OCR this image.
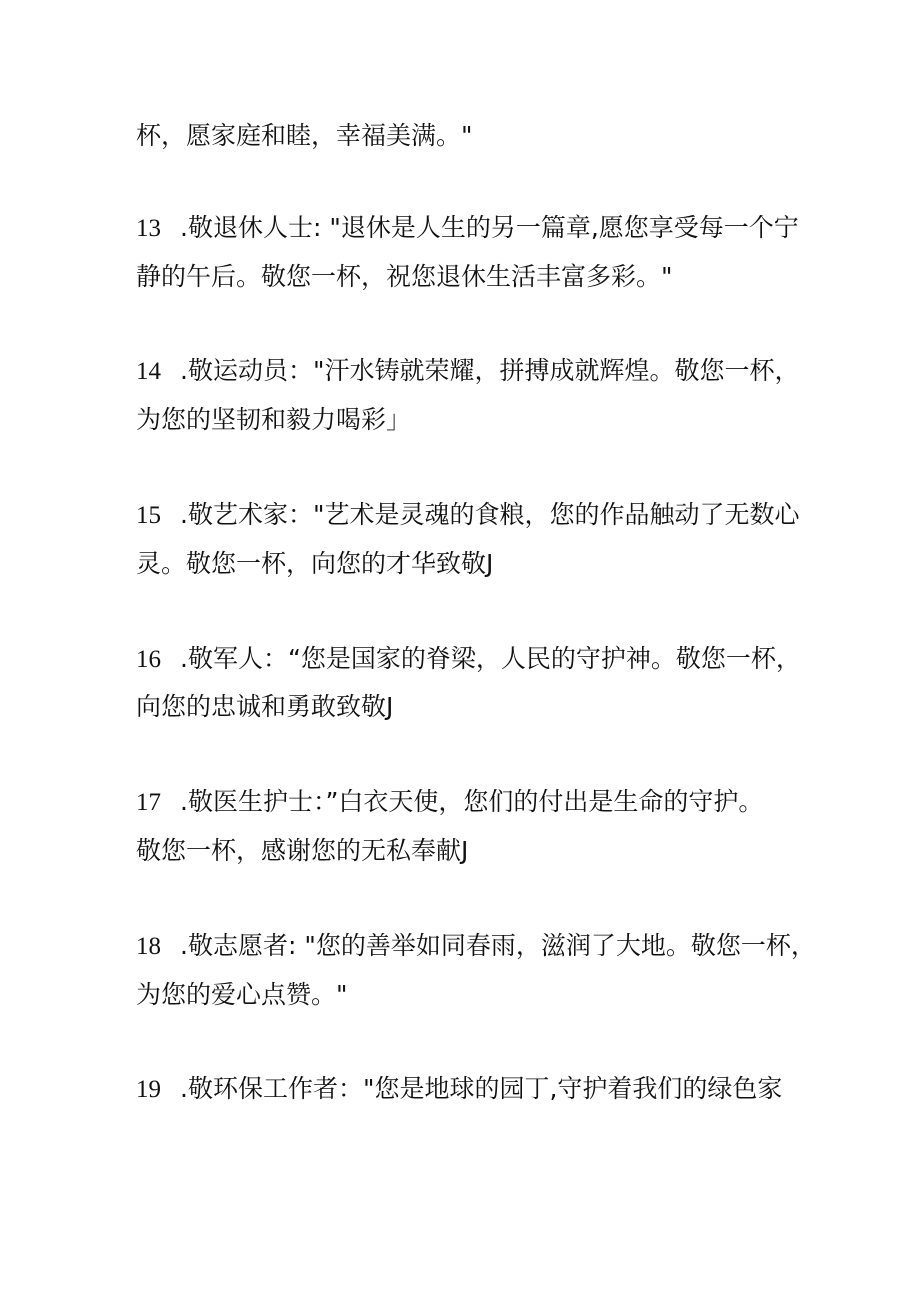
杯，愿家庭和睦，幸福美满。"
13 .敬退休人士: "退休是人生的另一篇章,愿您享受每一个宁
静的午后。敬您一杯，祝您退休生活丰富多彩。"
14 .敬运动员："汗水铸就荣耀，拼搏成就辉煌。敬您一杯，
为您的坚韧和毅力喝彩」
15 .敬艺术家："艺术是灵魂的食粮，您的作品触动了无数心
灵。敬您一杯，向您的才华致敬J
16 .敬军人：“您是国家的脊梁，人民的守护神。敬您一杯，
向您的忠诚和勇敢致敬J
17 .敬医生护士：”白衣天使，您们的付出是生命的守护。
敬您一杯，感谢您的无私奉献J
18 .敬志愿者: "您的善举如同春雨，滋润了大地。敬您一杯，
为您的爱心点赞。"
19 .敬环保工作者："您是地球的园丁,守护着我们的绿色家
